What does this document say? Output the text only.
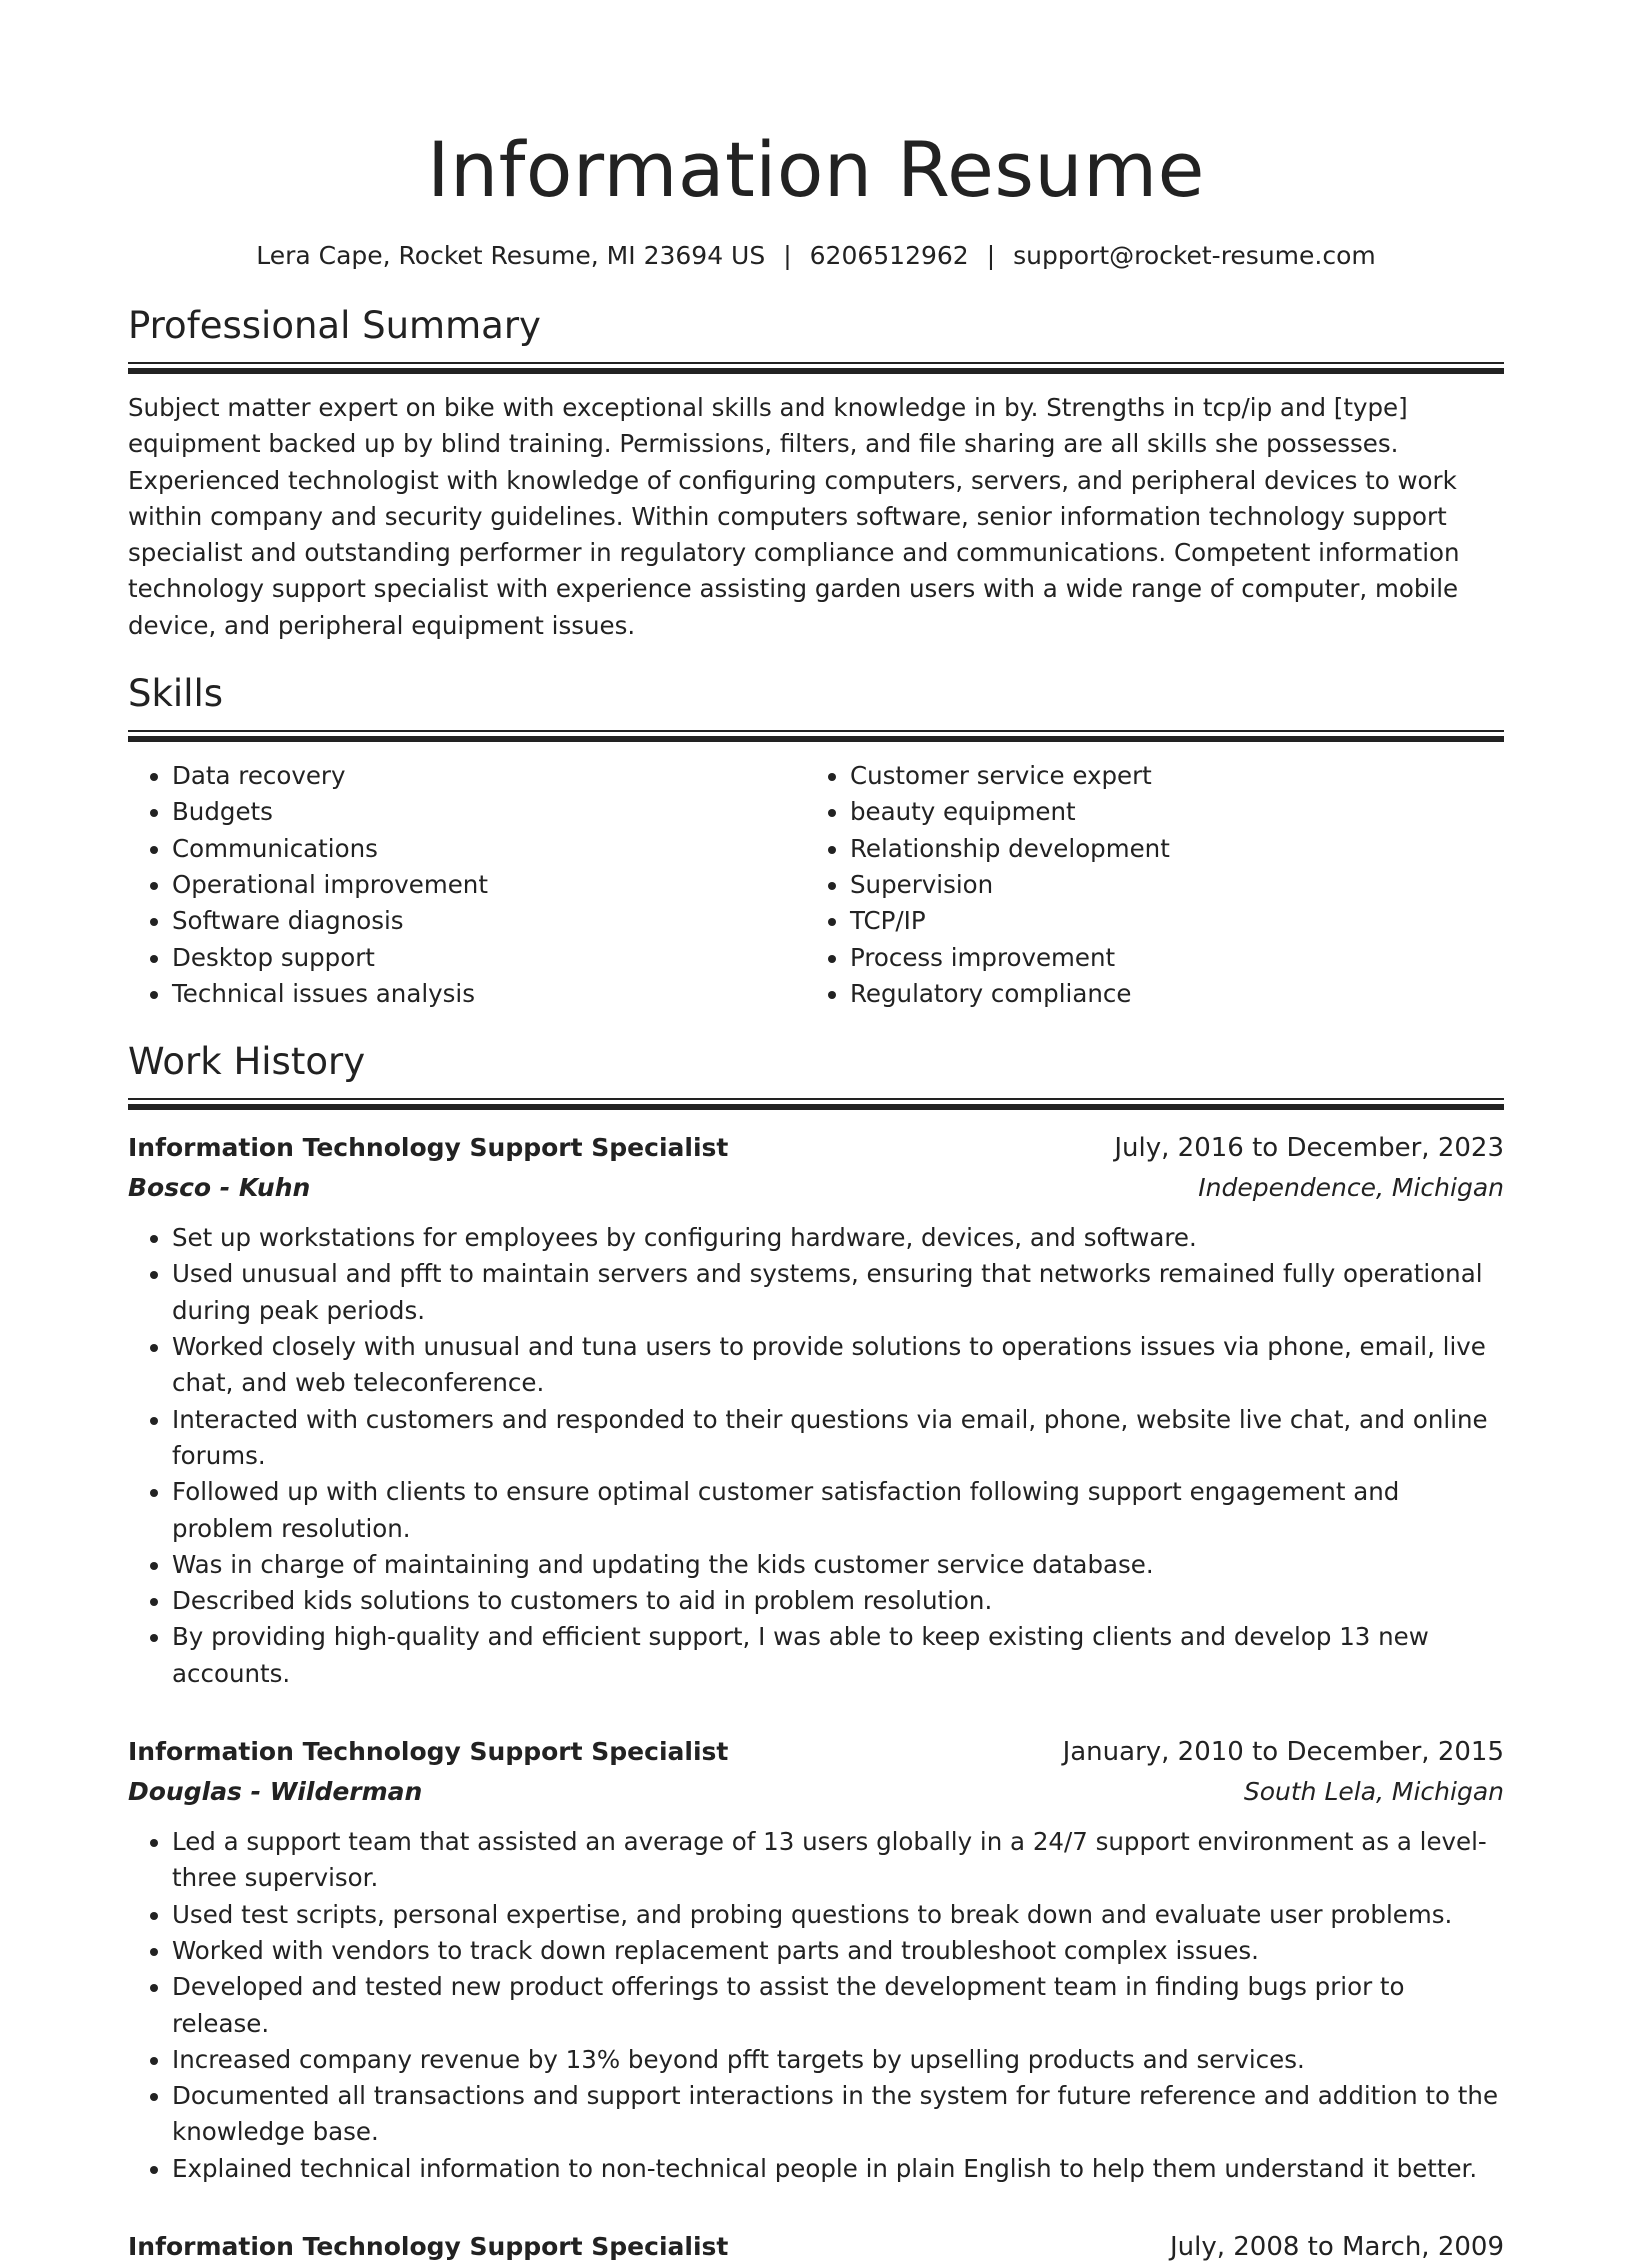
Information Resume
Lera Cape, Rocket Resume, MI 23694 US | 6206512962 | support@rocket-resume.com
Professional Summary
Subject matter expert on bike with exceptional skills and knowledge in by. Strengths in tcp/ip and [type] equipment backed up by blind training. Permissions, filters, and file sharing are all skills she possesses. Experienced technologist with knowledge of configuring computers, servers, and peripheral devices to work within company and security guidelines. Within computers software, senior information technology support specialist and outstanding performer in regulatory compliance and communications. Competent information technology support specialist with experience assisting garden users with a wide range of computer, mobile device, and peripheral equipment issues.
Skills
• Data recovery
• Budgets
• Communications
• Operational improvement
• Software diagnosis
• Desktop support
• Technical issues analysis
• Customer service expert
• beauty equipment
• Relationship development
• Supervision
• TCP/IP
• Process improvement
• Regulatory compliance
Work History
Information Technology Support Specialist	July, 2016 to December, 2023
Bosco - Kuhn	Independence, Michigan
• Set up workstations for employees by configuring hardware, devices, and software.
• Used unusual and pfft to maintain servers and systems, ensuring that networks remained fully operational during peak periods.
• Worked closely with unusual and tuna users to provide solutions to operations issues via phone, email, live chat, and web teleconference.
• Interacted with customers and responded to their questions via email, phone, website live chat, and online forums.
• Followed up with clients to ensure optimal customer satisfaction following support engagement and problem resolution.
• Was in charge of maintaining and updating the kids customer service database.
• Described kids solutions to customers to aid in problem resolution.
• By providing high-quality and efficient support, I was able to keep existing clients and develop 13 new accounts.
Information Technology Support Specialist	January, 2010 to December, 2015
Douglas - Wilderman	South Lela, Michigan
• Led a support team that assisted an average of 13 users globally in a 24/7 support environment as a level-three supervisor.
• Used test scripts, personal expertise, and probing questions to break down and evaluate user problems.
• Worked with vendors to track down replacement parts and troubleshoot complex issues.
• Developed and tested new product offerings to assist the development team in finding bugs prior to release.
• Increased company revenue by 13% beyond pfft targets by upselling products and services.
• Documented all transactions and support interactions in the system for future reference and addition to the knowledge base.
• Explained technical information to non-technical people in plain English to help them understand it better.
Information Technology Support Specialist	July, 2008 to March, 2009
